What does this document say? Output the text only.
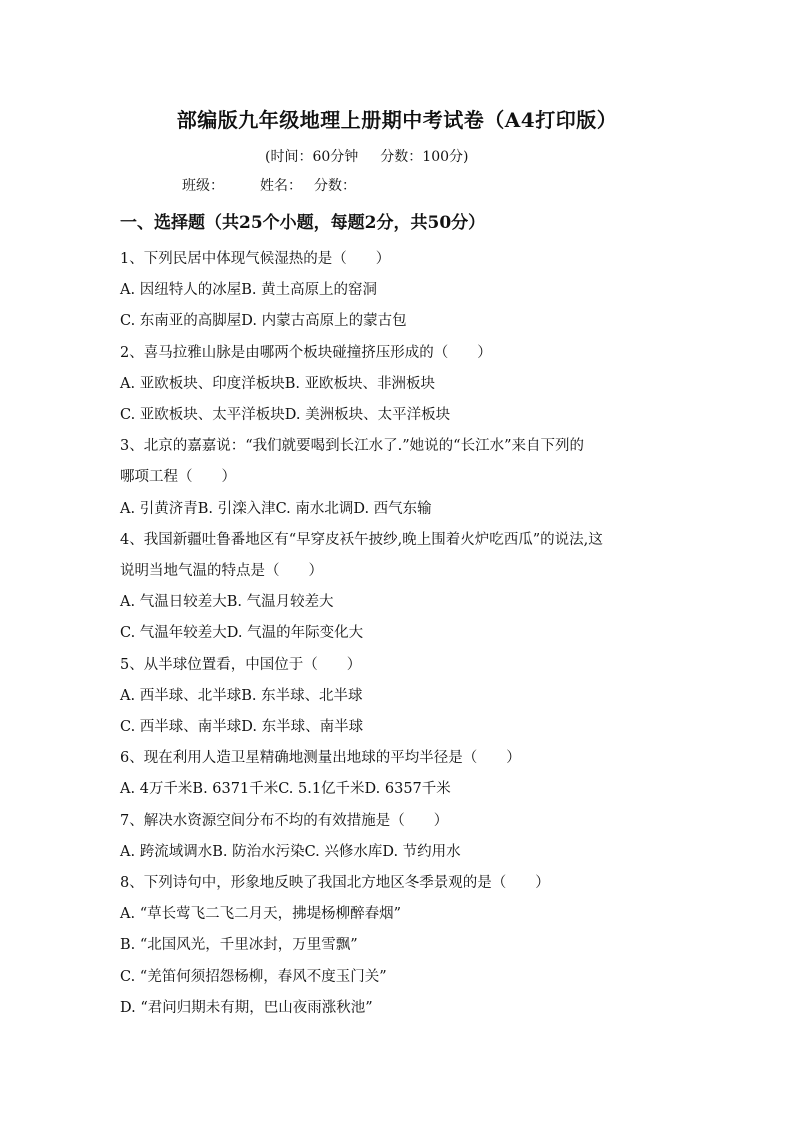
部编版九年级地理上册期中考试卷（A4打印版）
(时间：60分钟 分数：100分)
班级：	姓名： 分数：
一、选择题（共25个小题，每题2分，共50分）
1、下列民居中体现气候湿热的是（　　）
A. 因纽特人的冰屋B. 黄土高原上的窑洞
C. 东南亚的高脚屋D. 内蒙古高原上的蒙古包
2、喜马拉雅山脉是由哪两个板块碰撞挤压形成的（　　）
A. 亚欧板块、印度洋板块B. 亚欧板块、非洲板块
C. 亚欧板块、太平洋板块D. 美洲板块、太平洋板块
3、北京的嘉嘉说：“我们就要喝到长江水了.”她说的“长江水”来自下列的
哪项工程（　　）
A. 引黄济青B. 引滦入津C. 南水北调D. 西气东输
4、我国新疆吐鲁番地区有“早穿皮袄午披纱,晚上围着火炉吃西瓜”的说法,这
说明当地气温的特点是（　　）
A. 气温日较差大B. 气温月较差大
C. 气温年较差大D. 气温的年际变化大
5、从半球位置看，中国位于（　　）
A. 西半球、北半球B. 东半球、北半球
C. 西半球、南半球D. 东半球、南半球
6、现在利用人造卫星精确地测量出地球的平均半径是（　　）
A. 4万千米B. 6371千米C. 5.1亿千米D. 6357千米
7、解决水资源空间分布不均的有效措施是（　　）
A. 跨流域调水B. 防治水污染C. 兴修水库D. 节约用水
8、下列诗句中，形象地反映了我国北方地区冬季景观的是（　　）
A. “草长莺飞二飞二月天，拂堤杨柳醉春烟”
B. “北国风光，千里冰封，万里雪飘”
C. “羌笛何须招怨杨柳，春风不度玉门关”
D. “君问归期未有期，巴山夜雨涨秋池”
